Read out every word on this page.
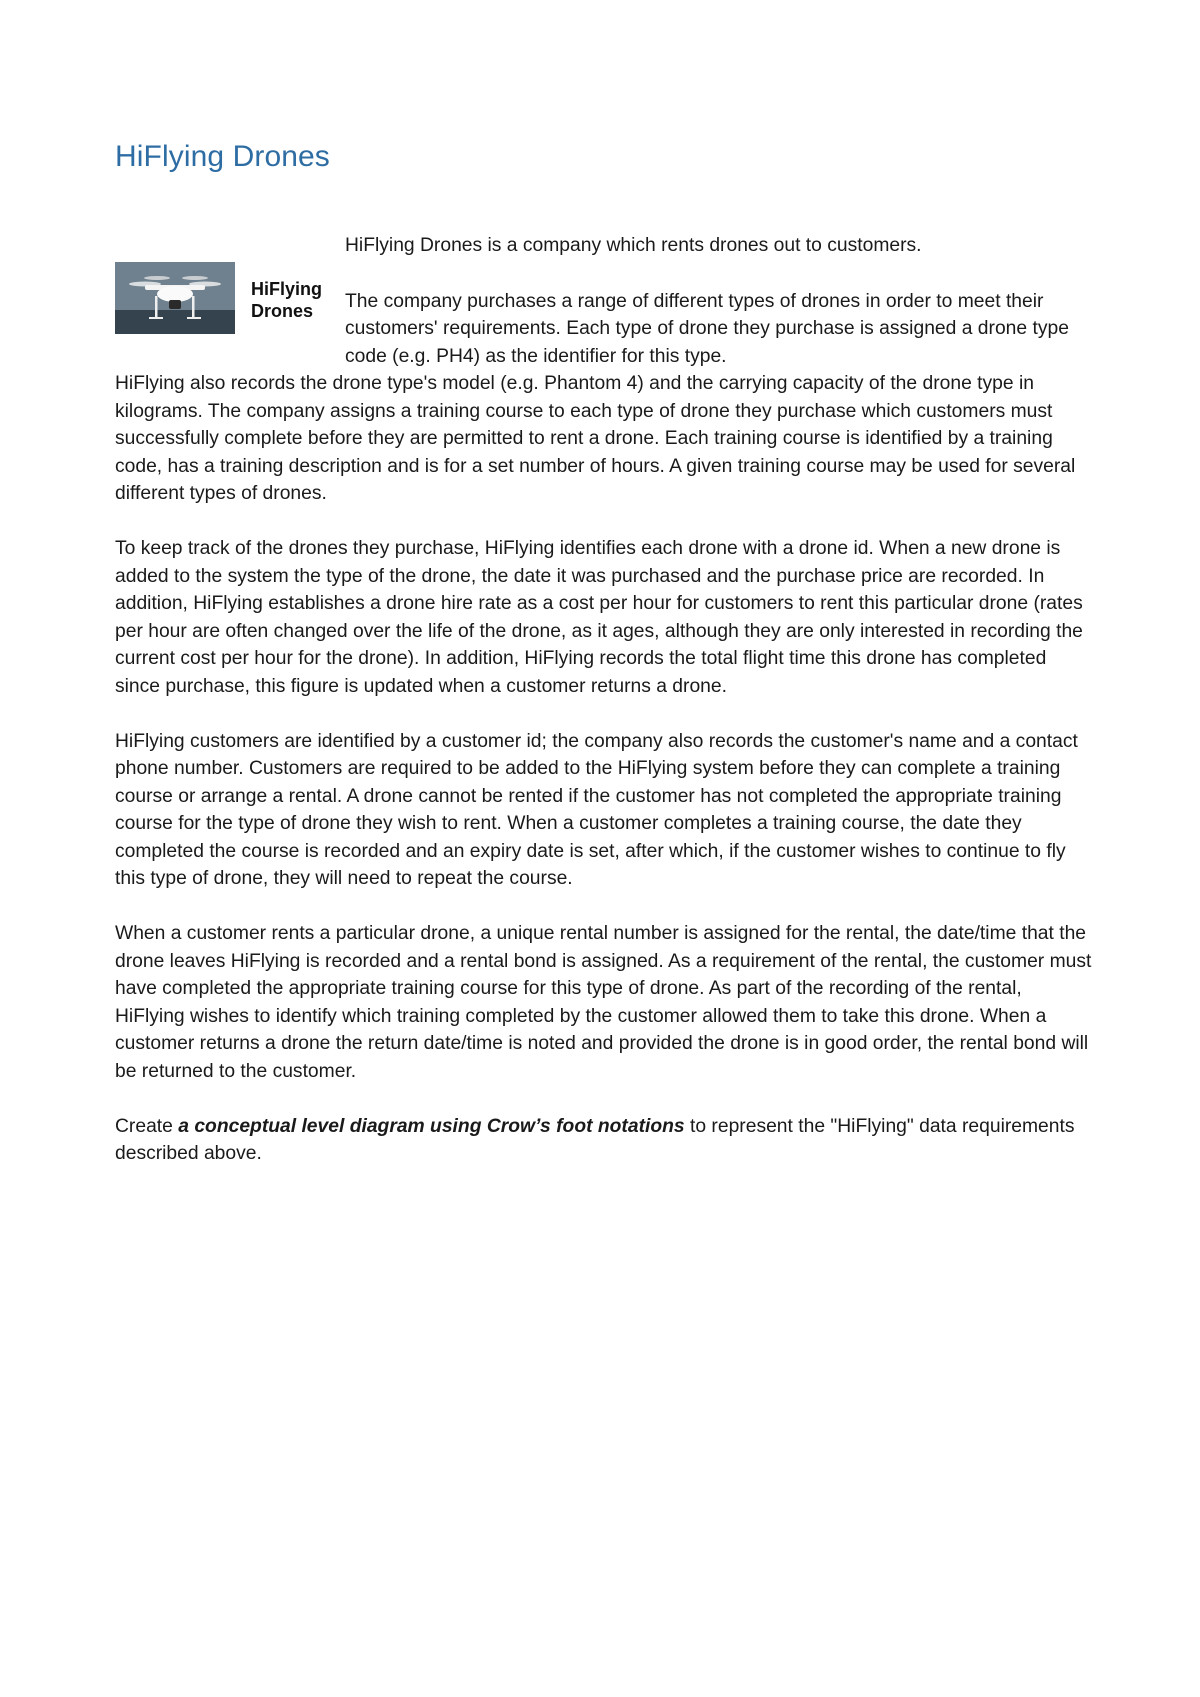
HiFlying Drones
HiFlying
Drones

HiFlying Drones is a company which rents drones out to customers.

The company purchases a range of different types of drones in order to meet their customers' requirements. Each type of drone they purchase is assigned a drone type code (e.g. PH4) as the identifier for this type.

HiFlying also records the drone type's model (e.g. Phantom 4) and the carrying capacity of the drone type in kilograms. The company assigns a training course to each type of drone they purchase which customers must successfully complete before they are permitted to rent a drone. Each training course is identified by a training code, has a training description and is for a set number of hours. A given training course may be used for several different types of drones.

To keep track of the drones they purchase, HiFlying identifies each drone with a drone id. When a new drone is added to the system the type of the drone, the date it was purchased and the purchase price are recorded. In addition, HiFlying establishes a drone hire rate as a cost per hour for customers to rent this particular drone (rates per hour are often changed over the life of the drone, as it ages, although they are only interested in recording the current cost per hour for the drone). In addition, HiFlying records the total flight time this drone has completed since purchase, this figure is updated when a customer returns a drone.

HiFlying customers are identified by a customer id; the company also records the customer's name and a contact phone number. Customers are required to be added to the HiFlying system before they can complete a training course or arrange a rental. A drone cannot be rented if the customer has not completed the appropriate training course for the type of drone they wish to rent. When a customer completes a training course, the date they completed the course is recorded and an expiry date is set, after which, if the customer wishes to continue to fly this type of drone, they will need to repeat the course.

When a customer rents a particular drone, a unique rental number is assigned for the rental, the date/time that the drone leaves HiFlying is recorded and a rental bond is assigned. As a requirement of the rental, the customer must have completed the appropriate training course for this type of drone. As part of the recording of the rental, HiFlying wishes to identify which training completed by the customer allowed them to take this drone. When a customer returns a drone the return date/time is noted and provided the drone is in good order, the rental bond will be returned to the customer.

Create a conceptual level diagram using Crow’s foot notations to represent the "HiFlying" data requirements described above.
